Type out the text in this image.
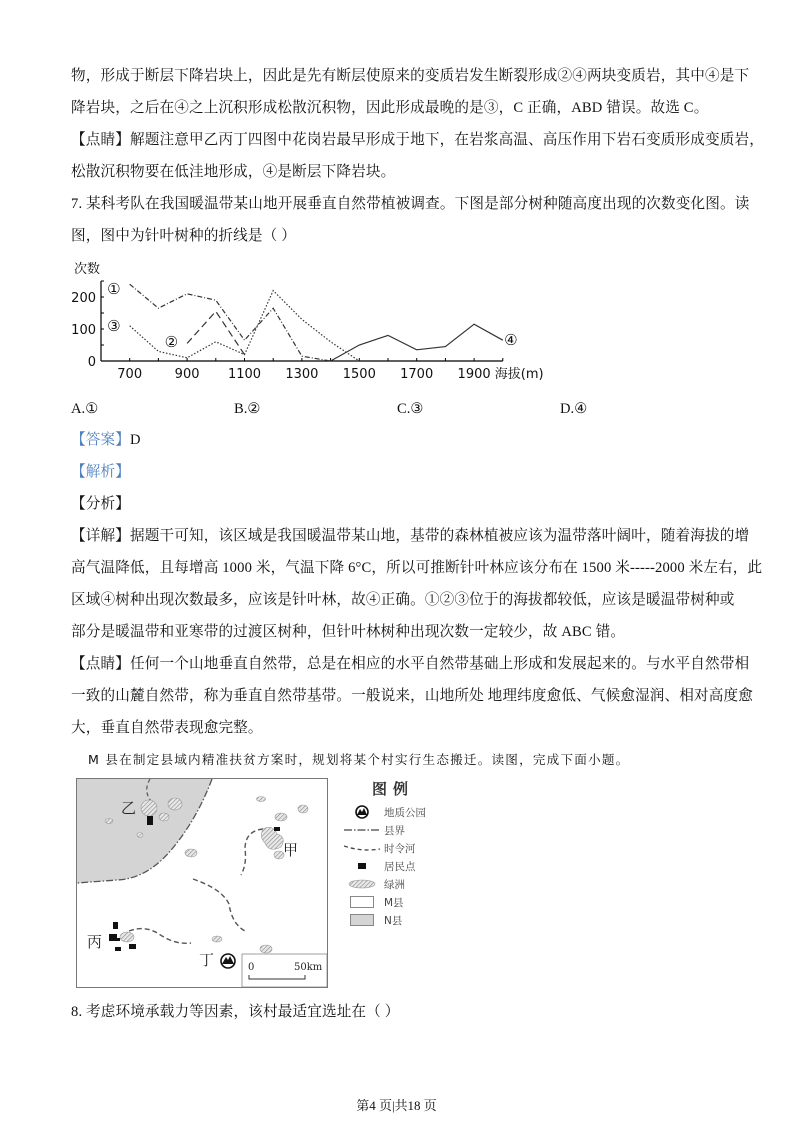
物，形成于断层下降岩块上，因此是先有断层使原来的变质岩发生断裂形成②④两块变质岩，其中④是下
降岩块，之后在④之上沉积形成松散沉积物，因此形成最晚的是③，C 正确，ABD 错误。故选 C。
【点睛】解题注意甲乙丙丁四图中花岗岩最早形成于地下，在岩浆高温、高压作用下岩石变质形成变质岩，
松散沉积物要在低洼地形成，④是断层下降岩块。
7. 某科考队在我国暖温带某山地开展垂直自然带植被调查。下图是部分树种随高度出现的次数变化图。读
图，图中为针叶树种的折线是（ ）
0
100
200
700	900 1100 1300 1500 1700 1900 海拔(m)
次数
①
②
③
④
A.①	B.②	C.③	D.④
【答案】D
【解析】
【分析】
【详解】据题干可知，该区域是我国暖温带某山地，基带的森林植被应该为温带落叶阔叶，随着海拔的增
高气温降低，且每增高 1000 米，气温下降 6°C，所以可推断针叶林应该分布在 1500 米-----2000 米左右，此
区域④树种出现次数最多，应该是针叶林，故④正确。①②③位于的海拔都较低，应该是暖温带树种或
部分是暖温带和亚寒带的过渡区树种，但针叶林树种出现次数一定较少，故 ABC 错。
【点睛】任何一个山地垂直自然带，总是在相应的水平自然带基础上形成和发展起来的。与水平自然带相
一致的山麓自然带，称为垂直自然带基带。一般说来，山地所处 地理纬度愈低、气候愈湿润、相对高度愈
大，垂直自然带表现愈完整。
M 县在制定县域内精准扶贫方案时，规划将某个村实行生态搬迁。读图，完成下面小题。
乙
甲
丙
丁	0	50km
图例
地质公园
县界
时令河
居民点
绿洲
M县
N县
8. 考虑环境承载力等因素，该村最适宜选址在（ ）
第4 页|共18 页
